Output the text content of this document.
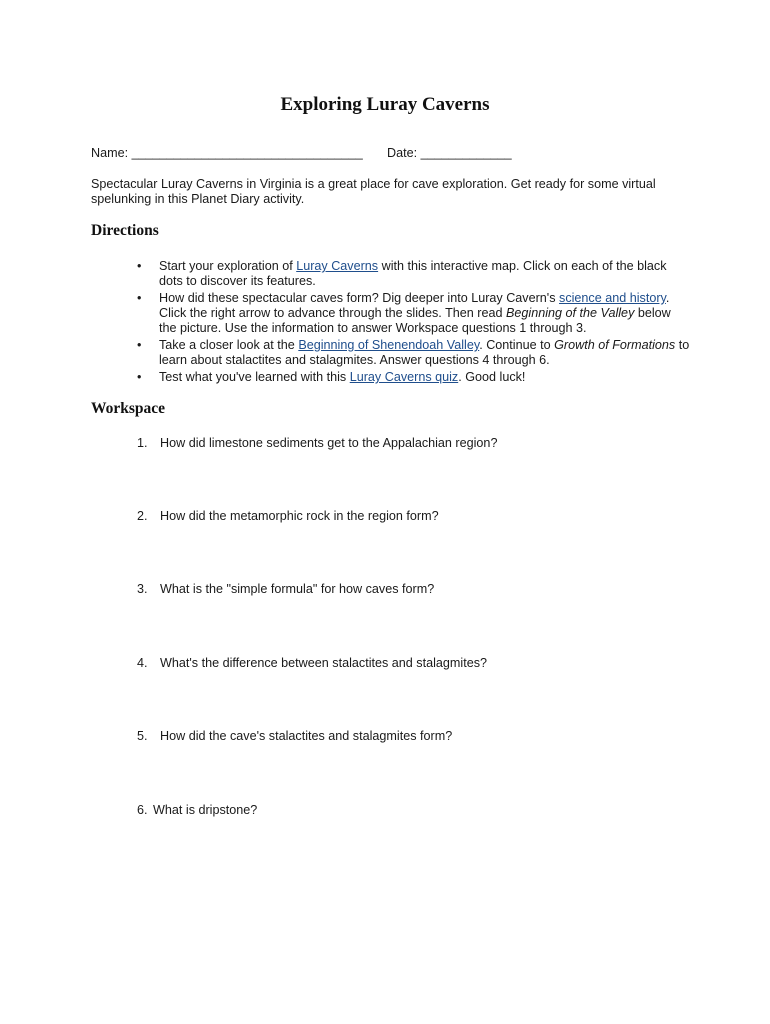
Exploring Luray Caverns
Name: _________________________________ Date: _____________
Spectacular Luray Caverns in Virginia is a great place for cave exploration. Get ready for some virtual spelunking in this Planet Diary activity.
Directions
• Start your exploration of Luray Caverns with this interactive map. Click on each of the black dots to discover its features.
• How did these spectacular caves form? Dig deeper into Luray Cavern's science and history. Click the right arrow to advance through the slides. Then read Beginning of the Valley below the picture. Use the information to answer Workspace questions 1 through 3.
• Take a closer look at the Beginning of Shenendoah Valley. Continue to Growth of Formations to learn about stalactites and stalagmites. Answer questions 4 through 6.
• Test what you've learned with this Luray Caverns quiz. Good luck!
Workspace
1. How did limestone sediments get to the Appalachian region?
2. How did the metamorphic rock in the region form?
3. What is the "simple formula" for how caves form?
4. What's the difference between stalactites and stalagmites?
5. How did the cave's stalactites and stalagmites form?
6. What is dripstone?
